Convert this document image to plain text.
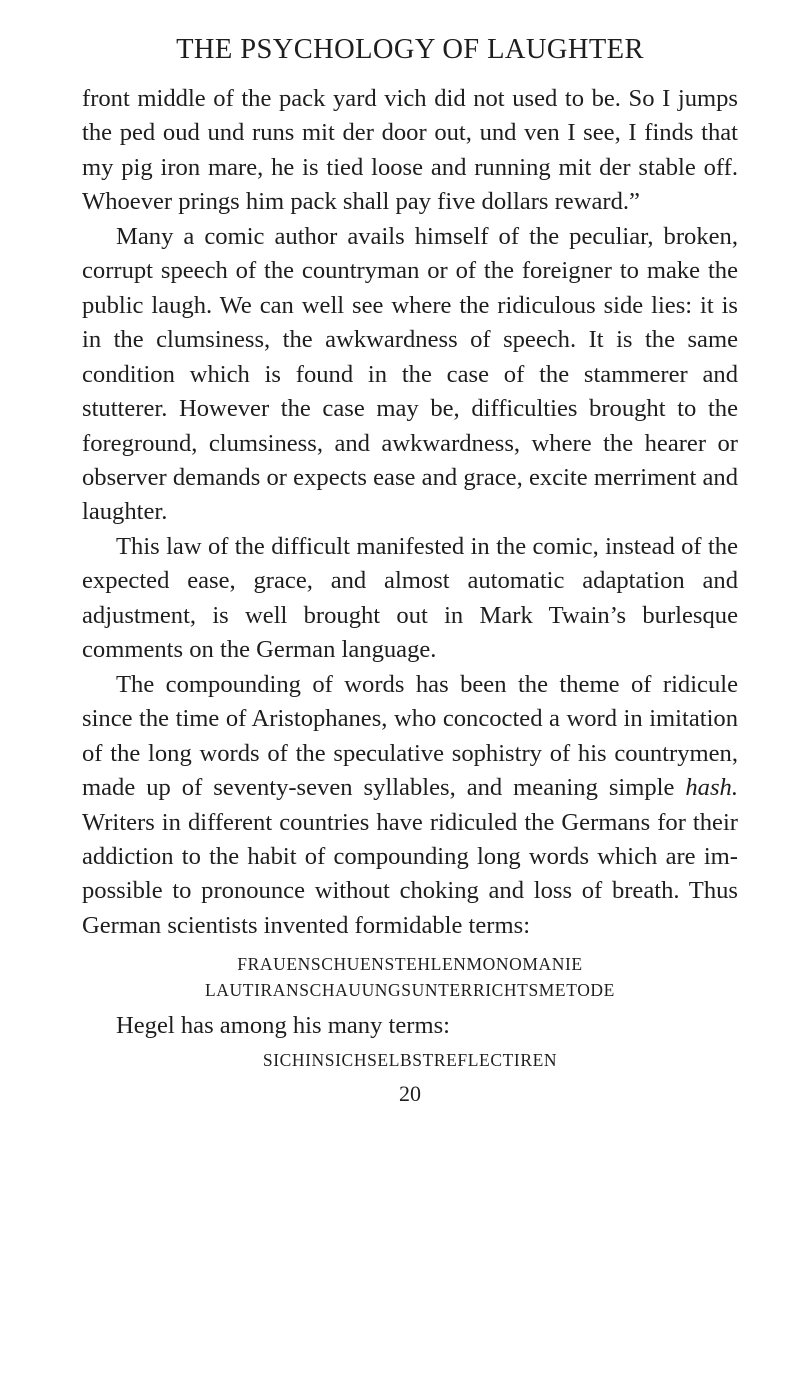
THE PSYCHOLOGY OF LAUGHTER

front middle of the pack yard vich did not used to be. So I jumps the ped oud und runs mit der door out, und ven I see, I finds that my pig iron mare, he is tied loose and running mit der stable off. Whoever prings him pack shall pay five dollars reward.”

Many a comic author avails himself of the peculiar, broken, corrupt speech of the countryman or of the foreigner to make the public laugh. We can well see where the ridiculous side lies: it is in the clumsiness, the awkwardness of speech. It is the same condition which is found in the case of the stammerer and stutterer. However the case may be, difficulties brought to the foreground, clumsiness, and awkwardness, where the hearer or observer demands or expects ease and grace, excite merriment and laughter.

This law of the difficult manifested in the comic, instead of the expected ease, grace, and almost automatic adaptation and adjustment, is well brought out in Mark Twain’s burlesque comments on the German language.

The compounding of words has been the theme of ridicule since the time of Aristophanes, who concocted a word in imitation of the long words of the speculative sophistry of his countrymen, made up of seventy-seven syllables, and meaning simple hash. Writers in different countries have ridiculed the Germans for their addiction to the habit of compounding long words which are impossible to pronounce without choking and loss of breath. Thus German scientists invented formidable terms:

FRAUENSCHUENSTEHLENMONOMANIE
LAUTIRANSCHAUUNGSUNTERRICHTSMETODE

Hegel has among his many terms:

SICHINSICHSELBSTREFLECTIREN
20
